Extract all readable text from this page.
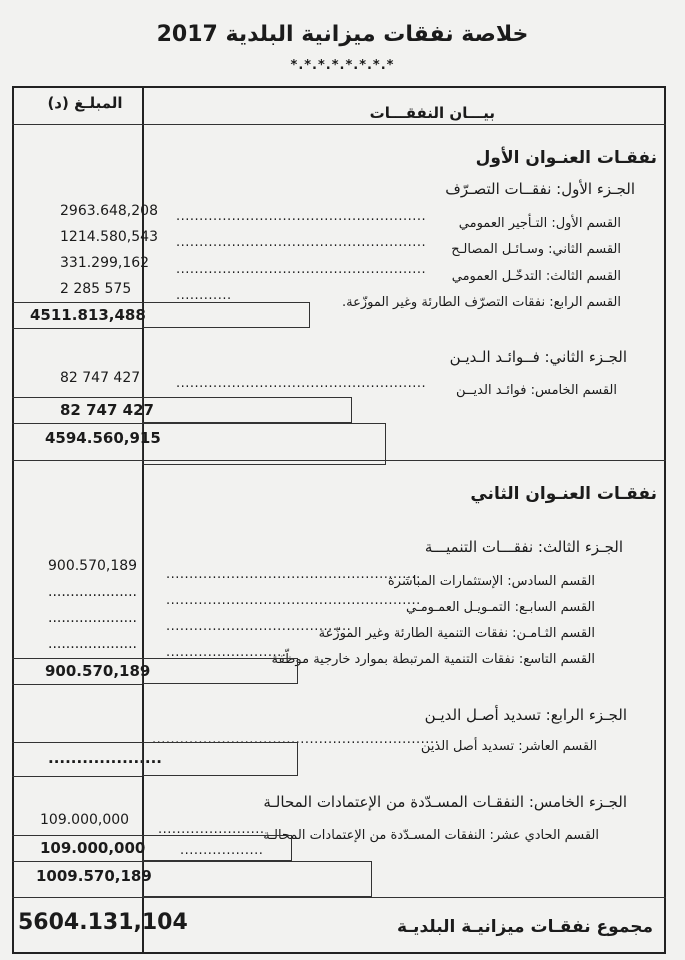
خلاصة نفقات ميزانية البلدية 2017
*.*.*.*.*.*.*.*
المبلـغ (د)
بيـــان النفقـــات
نفقـات العنـوان الأول
الجـزء الأول: نفقــات التصـرّف
القسم الأول: التـأجير العمومي
......................................................
2963.648,208
القسم الثاني: وسـائـل المصالـح
......................................................
1214.580,543
القسم الثالث: التدخّـل العمومي
......................................................
331.299,162
القسم الرابع: نفقات التصرّف الطارئة وغير الموزّعة.
............
2 285 575
4511.813,488
الجـزء الثاني: فــوائـد الـديـن
القسم الخامس: فوائـد الديــن
......................................................
82 747 427
82 747 427
4594.560,915
نفقـات العنـوان الثاني
الجـزء الثالث: نفقـــات التنميـــة
القسم السادس: الإستثمارات المباشرة
.......................................................
900.570,189
القسم السابـع: التمـويـل العمـومـي
.......................................................
....................
القسم الثـامـن: نفقات التنمية الطارئة وغير الموزّعة
........................................
....................
القسم التاسع: نفقات التنمية المرتبطة بموارد خارجية موظّفة
..........................
....................
900.570,189
الجـزء الرابع: تسديد أصـل الديـن
القسم العاشر: تسديد أصل الدين
..............................................................
....................
الجـزء الخامس: النفقـات المسـدّدة من الإعتمادات المحالـة
القسم الحادي عشر: النفقات المسـدّدة من الإعتمادات المحالـة
.......................
109.000,000
..................
109.000,000
1009.570,189
5604.131,104	مجموع نفقـات ميزانيـة البلديـة
